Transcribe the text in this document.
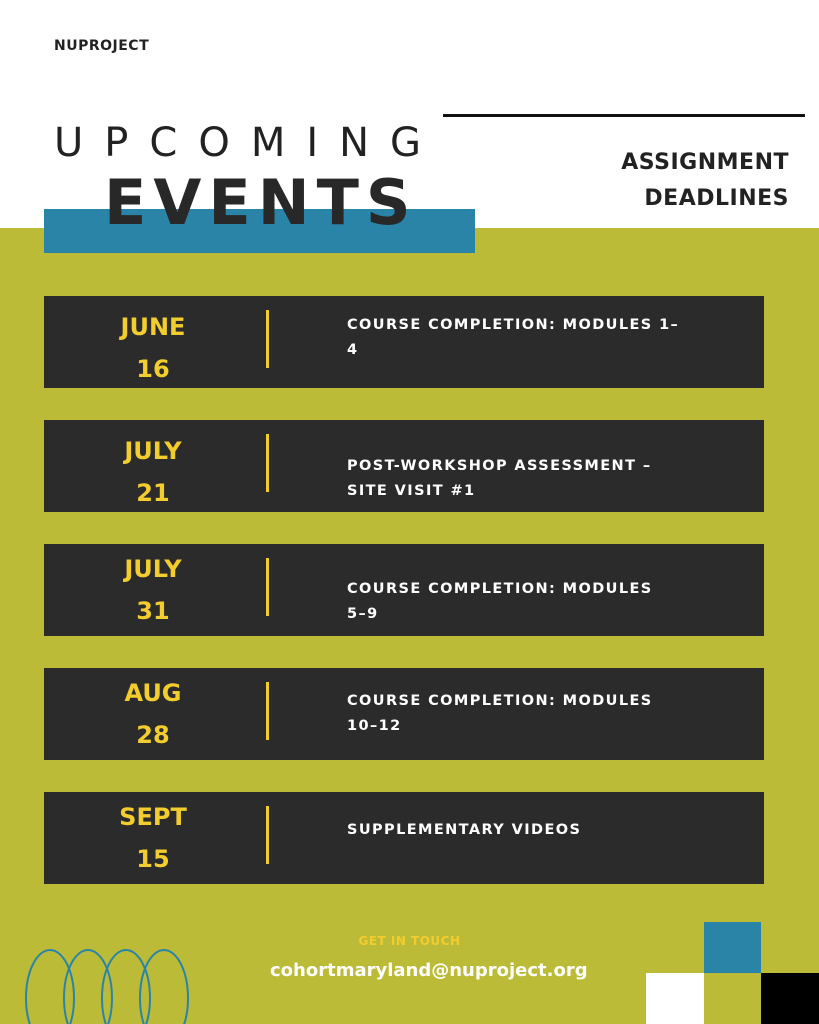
NUPROJECT
UPCOMING
EVENTS
ASSIGNMENT
DEADLINES
JUNE
16
COURSE COMPLETION: MODULES 1–
4
JULY
21
POST-WORKSHOP ASSESSMENT –
SITE VISIT #1
JULY
31
COURSE COMPLETION: MODULES
5–9
AUG
28
COURSE COMPLETION: MODULES
10–12
SEPT
15
SUPPLEMENTARY VIDEOS
GET IN TOUCH
cohortmaryland@nuproject.org
